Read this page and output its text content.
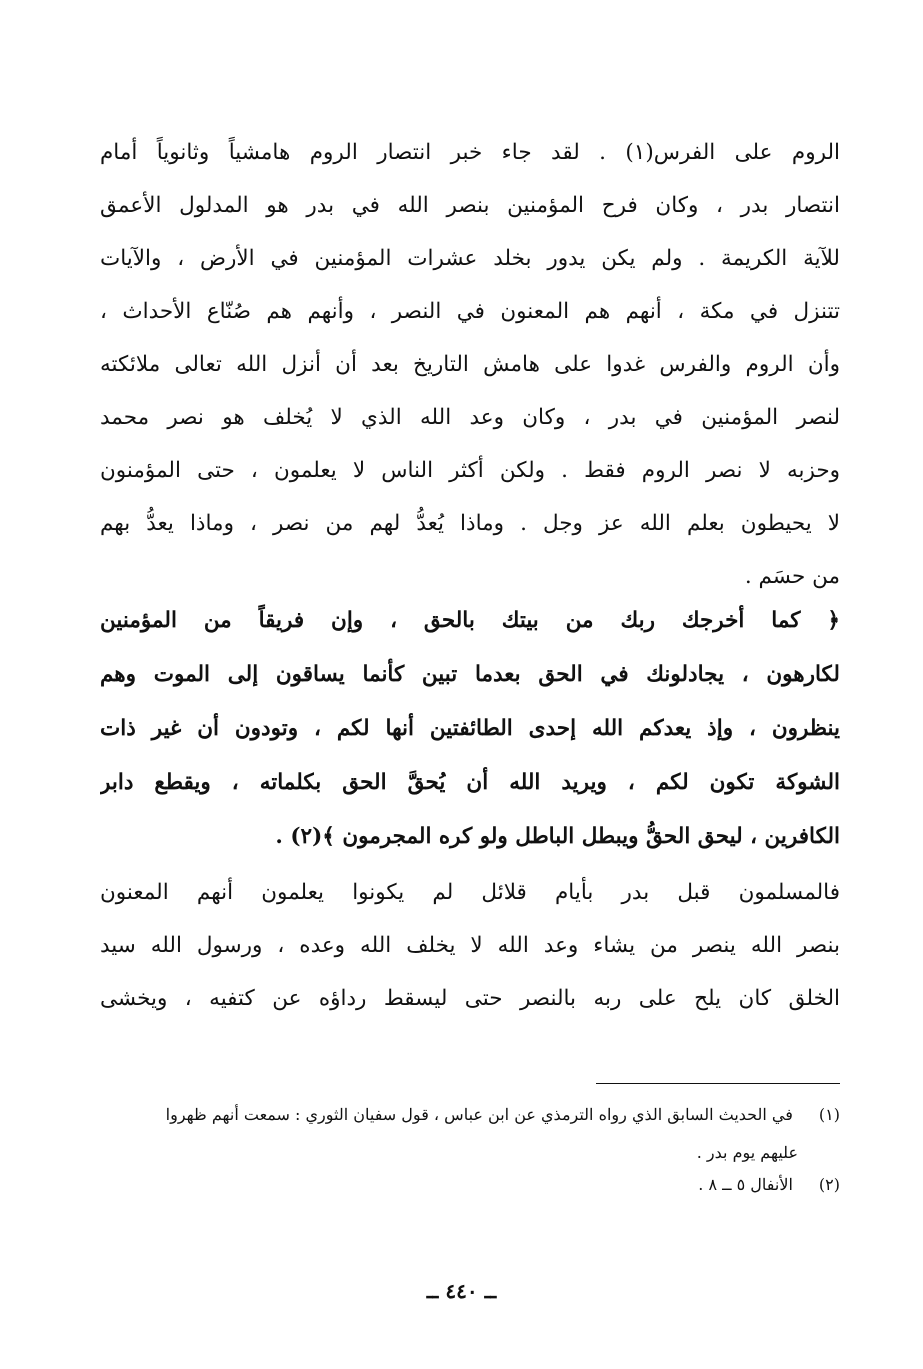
الروم على الفرس(١) . لقد جاء خبر انتصار الروم هامشياً وثانوياً أمام
انتصار بدر ، وكان فرح المؤمنين بنصر الله في بدر هو المدلول الأعمق
للآية الكريمة . ولم يكن يدور بخلد عشرات المؤمنين في الأرض ، والآيات
تتنزل في مكة ، أنهم هم المعنون في النصر ، وأنهم هم صُنّاع الأحداث ،
وأن الروم والفرس غدوا على هامش التاريخ بعد أن أنزل الله تعالى ملائكته
لنصر المؤمنين في بدر ، وكان وعد الله الذي لا يُخلف هو نصر محمد
وحزبه لا نصر الروم فقط . ولكن أكثر الناس لا يعلمون ، حتى المؤمنون
لا يحيطون بعلم الله عز وجل . وماذا يُعدُّ لهم من نصر ، وماذا يعدُّ بهم
من حسَم .
﴿ كما أخرجك ربك من بيتك بالحق ، وإن فريقاً من المؤمنين
لكارهون ، يجادلونك في الحق بعدما تبين كأنما يساقون إلى الموت وهم
ينظرون ، وإذ يعدكم الله إحدى الطائفتين أنها لكم ، وتودون أن غير ذات
الشوكة تكون لكم ، ويريد الله أن يُحقَّ الحق بكلماته ، ويقطع دابر
الكافرين ، ليحق الحقُّ ويبطل الباطل ولو كره المجرمون ﴾(٢) .
فالمسلمون قبل بدر بأيام قلائل لم يكونوا يعلمون أنهم المعنون
بنصر الله ينصر من يشاء وعد الله لا يخلف الله وعده ، ورسول الله سيد
الخلق كان يلح على ربه بالنصر حتى ليسقط رداؤه عن كتفيه ، ويخشى
(١) في الحديث السابق الذي رواه الترمذي عن ابن عباس ، قول سفيان الثوري : سمعت أنهم ظهروا
عليهم يوم بدر .
(٢) الأنفال ٥ ــ ٨ .
ــ ٤٤٠ ــ
